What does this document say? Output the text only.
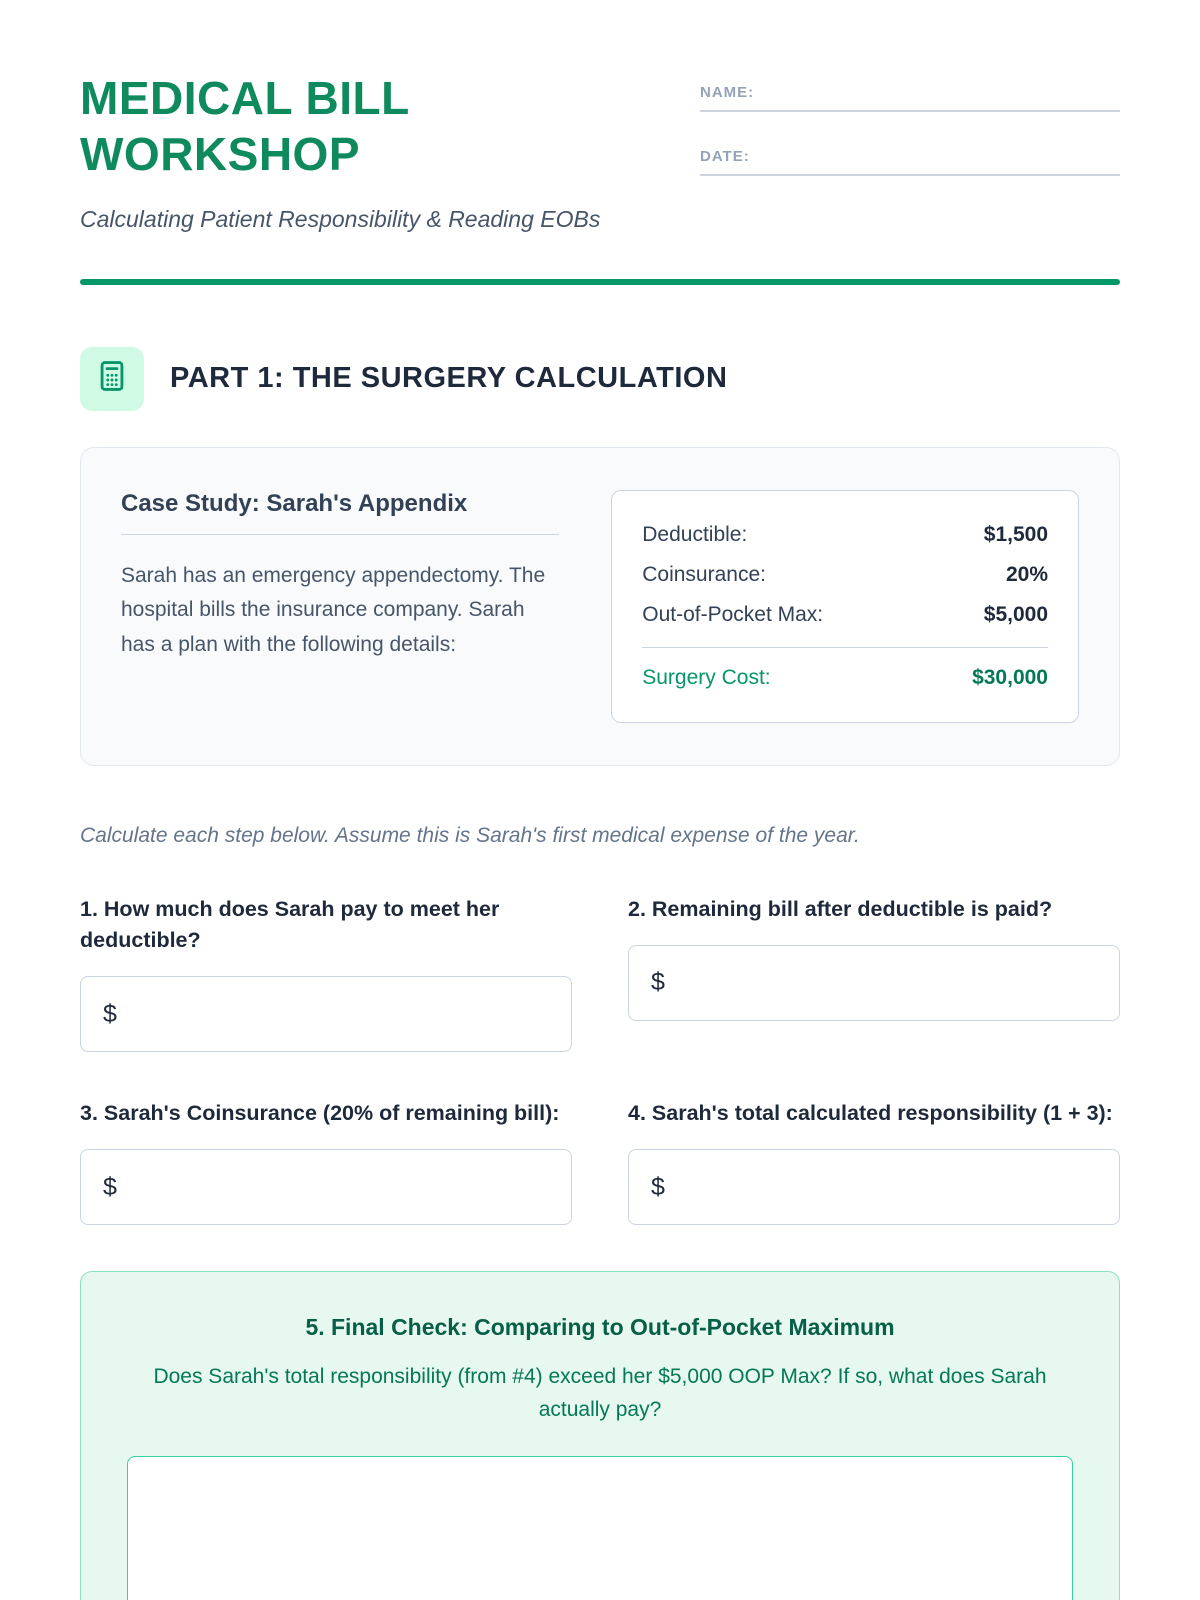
MEDICAL BILL
WORKSHOP
Calculating Patient Responsibility & Reading EOBs
NAME:
DATE:
PART 1: THE SURGERY CALCULATION
Case Study: Sarah's Appendix
Sarah has an emergency appendectomy. The hospital bills the insurance company. Sarah has a plan with the following details:
Deductible:	$1,500
Coinsurance:	20%
Out-of-Pocket Max:	$5,000
Surgery Cost:	$30,000
Calculate each step below. Assume this is Sarah's first medical expense of the year.
1. How much does Sarah pay to meet her deductible?
$
2. Remaining bill after deductible is paid?
$
3. Sarah's Coinsurance (20% of remaining bill):
$
4. Sarah's total calculated responsibility (1 + 3):
$
5. Final Check: Comparing to Out-of-Pocket Maximum
Does Sarah's total responsibility (from #4) exceed her $5,000 OOP Max? If so, what does Sarah actually pay?
